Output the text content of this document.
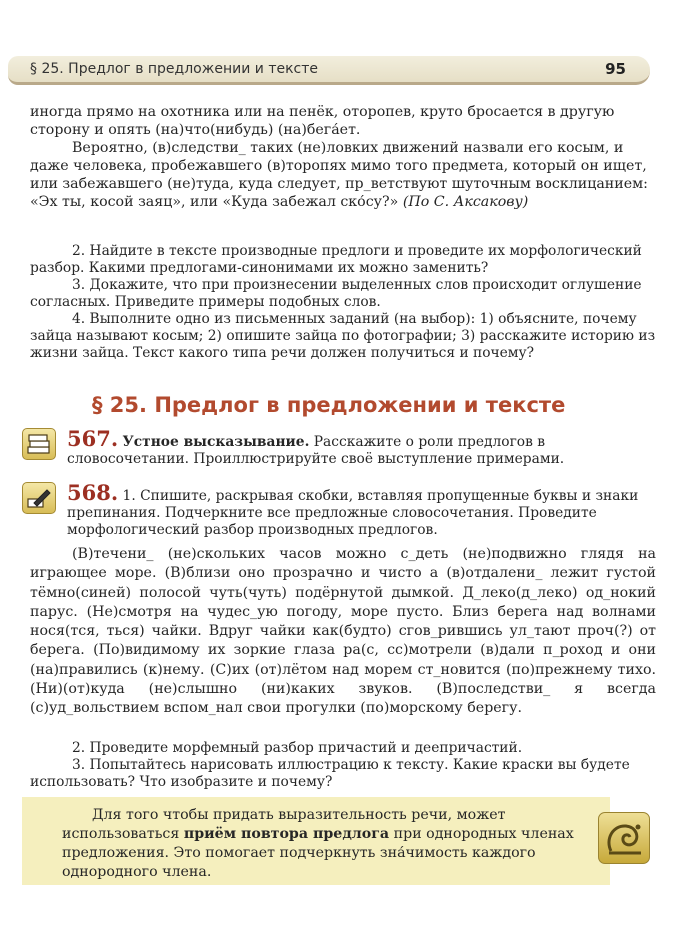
§ 25. Предлог в предложении и тексте	95

иногда прямо на охотника или на пенёк, оторопев, круто бросается в другую сторону и опять (на)что(нибудь) (на)бега́ет.

Вероятно, (в)следстви_ таких (не)ловких движений назвали его косым, и даже человека, пробежавшего (в)торопях мимо того предмета, который он ищет, или забежавшего (не)туда, куда следует, пр_ветствуют шуточным восклицанием: «Эх ты, косой заяц», или «Куда забежал ско́су?» (По С. Аксакову)

2. Найдите в тексте производные предлоги и проведите их морфологический разбор. Какими предлогами-синонимами их можно заменить?

3. Докажите, что при произнесении выделенных слов происходит оглушение согласных. Приведите примеры подобных слов.

4. Выполните одно из письменных заданий (на выбор): 1) объясните, почему зайца называют косым; 2) опишите зайца по фотографии; 3) расскажите историю из жизни зайца. Текст какого типа речи должен получиться и почему?

§ 25. Предлог в предложении и тексте
567. Устное высказывание. Расскажите о роли предлогов в словосочетании. Проиллюстрируйте своё выступление примерами.

568. 1. Спишите, раскрывая скобки, вставляя пропущенные буквы и знаки препинания. Подчеркните все предложные словосочетания. Проведите морфологический разбор производных предлогов.

(В)течени_ (не)скольких часов можно с_деть (не)подвижно глядя на играющее море. (В)близи оно прозрачно и чисто а (в)отдалени_ лежит густой тёмно(синей) полосой чуть(чуть) подёрнутой дымкой. Д_леко(д_леко) од_нокий парус. (Не)смотря на чудес_ую погоду, море пусто. Близ берега над волнами нося(тся, ться) чайки. Вдруг чайки как(будто) сгов_рившись ул_тают проч(?) от берега. (По)видимому их зоркие глаза ра(с, сс)мотрели (в)дали п_роход и они (на)правились (к)нему. (С)их (от)лётом над морем ст_новится (по)прежнему тихо. (Ни)(от)куда (не)слышно (ни)каких звуков. (В)последстви_ я всегда (с)уд_вольствием вспом_нал свои прогулки (по)морскому берегу.

2. Проведите морфемный разбор причастий и деепричастий.

3. Попытайтесь нарисовать иллюстрацию к тексту. Какие краски вы будете использовать? Что изобразите и почему?

Для того чтобы придать выразительность речи, может использоваться приём повтора предлога при однородных членах предложения. Это помогает подчеркнуть зна́чимость каждого однородного члена.
